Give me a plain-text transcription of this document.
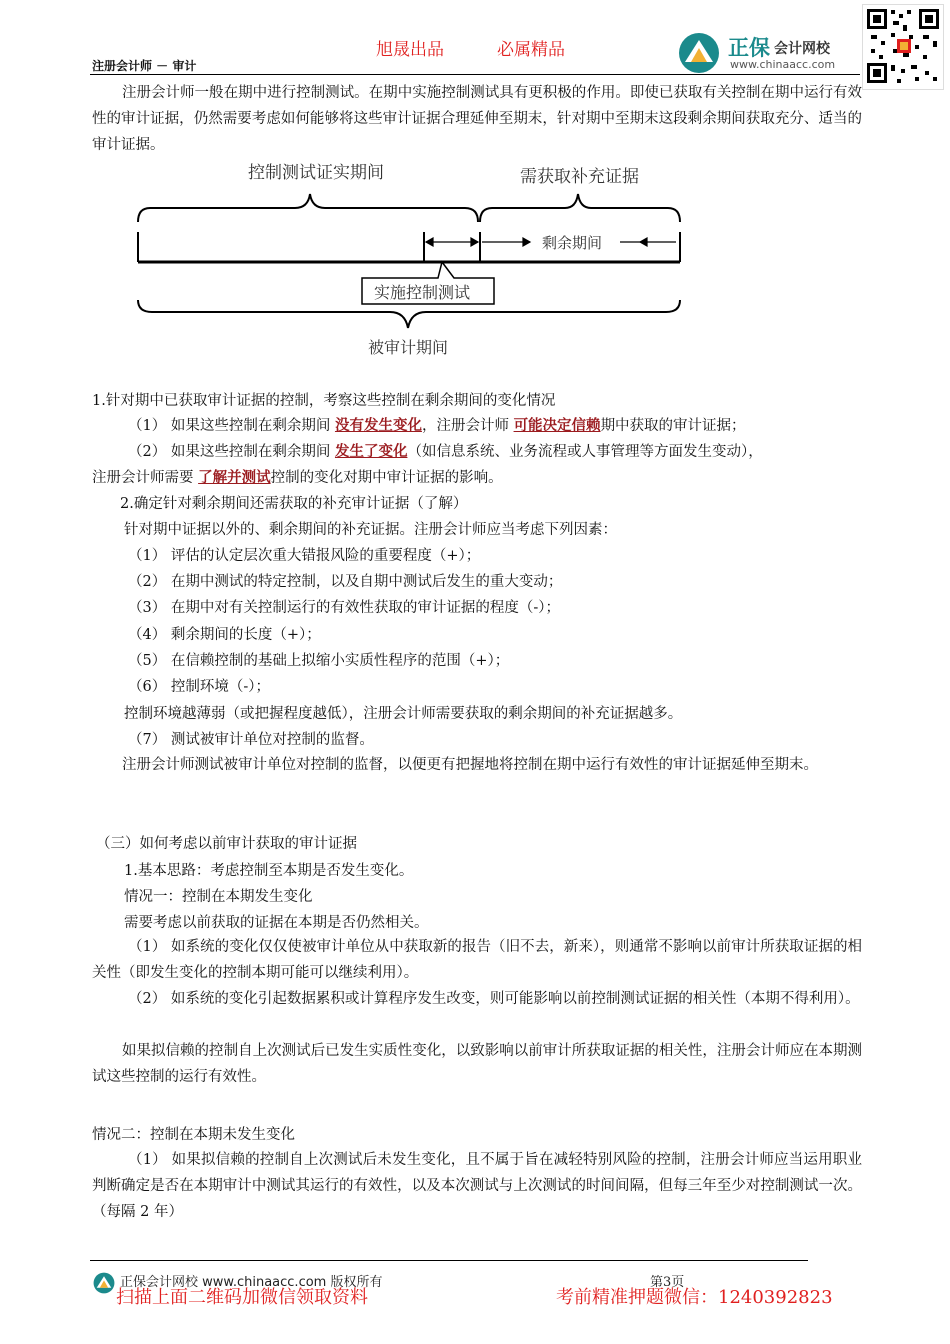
旭晟出品	必属精品	正保 会计网校
www.chinaacc.com
注册会计师 － 审计

注册会计师一般在期中进行控制测试。在期中实施控制测试具有更积极的作用。即使已获取有关控制在期中运行有效性的审计证据，仍然需要考虑如何能够将这些审计证据合理延伸至期末，针对期中至期末这段剩余期间获取充分、适当的审计证据。

控制测试证实期间	需获取补充证据
剩余期间
实施控制测试
被审计期间
1.针对期中已获取审计证据的控制，考察这些控制在剩余期间的变化情况
（1） 如果这些控制在剩余期间 没有发生变化，注册会计师 可能决定信赖期中获取的审计证据；
（2） 如果这些控制在剩余期间 发生了变化（如信息系统、业务流程或人事管理等方面发生变动），
注册会计师需要 了解并测试控制的变化对期中审计证据的影响。
2.确定针对剩余期间还需获取的补充审计证据（了解）
针对期中证据以外的、剩余期间的补充证据。注册会计师应当考虑下列因素：
（1） 评估的认定层次重大错报风险的重要程度（+）；
（2） 在期中测试的特定控制，以及自期中测试后发生的重大变动；
（3） 在期中对有关控制运行的有效性获取的审计证据的程度（-）；
（4） 剩余期间的长度（+）；
（5） 在信赖控制的基础上拟缩小实质性程序的范围（+）；
（6） 控制环境（-）；
控制环境越薄弱（或把握程度越低），注册会计师需要获取的剩余期间的补充证据越多。
（7） 测试被审计单位对控制的监督。

注册会计师测试被审计单位对控制的监督，以便更有把握地将控制在期中运行有效性的审计证据延伸至期末。

（三）如何考虑以前审计获取的审计证据
1.基本思路：考虑控制至本期是否发生变化。
情况一：控制在本期发生变化
需要考虑以前获取的证据在本期是否仍然相关。

（1） 如系统的变化仅仅使被审计单位从中获取新的报告（旧不去，新来），则通常不影响以前审计所获取证据的相关性（即发生变化的控制本期可能可以继续利用）。

（2） 如系统的变化引起数据累积或计算程序发生改变，则可能影响以前控制测试证据的相关性（本期不得利用）。

如果拟信赖的控制自上次测试后已发生实质性变化，以致影响以前审计所获取证据的相关性，注册会计师应在本期测试这些控制的运行有效性。

情况二：控制在本期未发生变化

（1） 如果拟信赖的控制自上次测试后未发生变化，且不属于旨在减轻特别风险的控制，注册会计师应当运用职业判断确定是否在本期审计中测试其运行的有效性，以及本次测试与上次测试的时间间隔，但每三年至少对控制测试一次。（每隔 2 年）

正保会计网校 www.chinaacc.com 版权所有	第3页
扫描上面二维码加微信领取资料	考前精准押题微信：1240392823
